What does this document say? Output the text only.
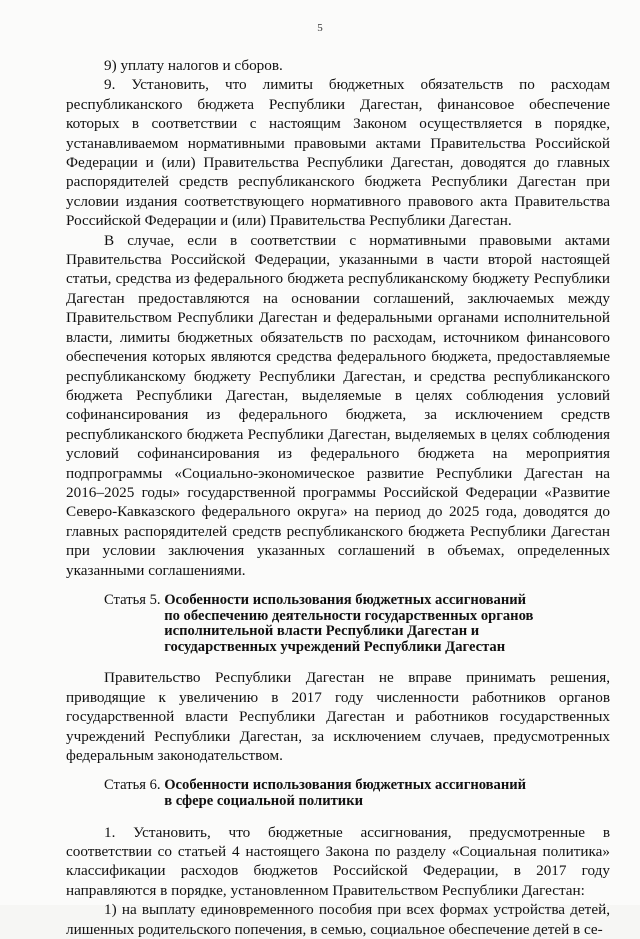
5

9) уплату налогов и сборов.

9. Установить, что лимиты бюджетных обязательств по расходам республиканского бюджета Республики Дагестан, финансовое обеспечение которых в соответствии с настоящим Законом осуществляется в порядке, устанавливаемом нормативными правовыми актами Правительства Российской Федерации и (или) Правительства Республики Дагестан, доводятся до главных распорядителей средств республиканского бюджета Республики Дагестан при условии издания соответствующего нормативного правового акта Правительства Российской Федерации и (или) Правительства Республики Дагестан.

В случае, если в соответствии с нормативными правовыми актами Правительства Российской Федерации, указанными в части второй настоящей статьи, средства из федерального бюджета республиканскому бюджету Республики Дагестан предоставляются на основании соглашений, заключаемых между Правительством Республики Дагестан и федеральными органами исполнительной власти, лимиты бюджетных обязательств по расходам, источником финансового обеспечения которых являются средства федерального бюджета, предоставляемые республиканскому бюджету Республики Дагестан, и средства республиканского бюджета Республики Дагестан, выделяемые в целях соблюдения условий софинансирования из федерального бюджета, за исключением средств республиканского бюджета Республики Дагестан, выделяемых в целях соблюдения условий софинансирования из федерального бюджета на мероприятия подпрограммы «Социально-экономическое развитие Республики Дагестан на 2016–2025 годы» государственной программы Российской Федерации «Развитие Северо-Кавказского федерального округа» на период до 2025 года, доводятся до главных распорядителей средств республиканского бюджета Республики Дагестан при условии заключения указанных соглашений в объемах, определенных указанными соглашениями.

Статья 5. Особенности использования бюджетных ассигнований
по обеспечению деятельности государственных органов
исполнительной власти Республики Дагестан и
государственных учреждений Республики Дагестан

Правительство Республики Дагестан не вправе принимать решения, приводящие к увеличению в 2017 году численности работников органов государственной власти Республики Дагестан и работников государственных учреждений Республики Дагестан, за исключением случаев, предусмотренных федеральным законодательством.

Статья 6. Особенности использования бюджетных ассигнований
в сфере социальной политики

1. Установить, что бюджетные ассигнования, предусмотренные в соответствии со статьей 4 настоящего Закона по разделу «Социальная политика» классификации расходов бюджетов Российской Федерации, в 2017 году направляются в порядке, установленном Правительством Республики Дагестан:

1) на выплату единовременного пособия при всех формах устройства детей, лишенных родительского попечения, в семью, социальное обеспечение детей в се-
